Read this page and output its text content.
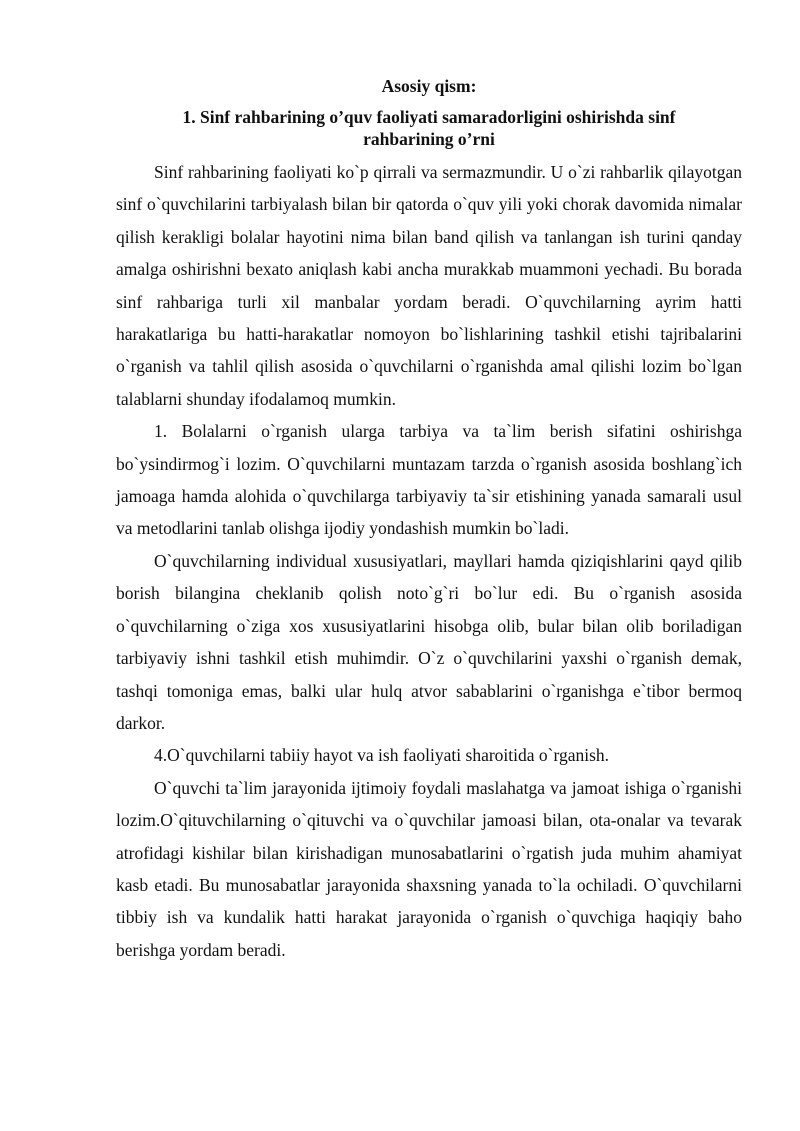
Asosiy qism:

1. Sinf rahbarining o’quv faoliyati samaradorligini oshirishda sinf rahbarining o’rni

Sinf rahbarining faoliyati ko`p qirrali va sermazmundir. U o`zi rahbarlik qilayotgan sinf o`quvchilarini tarbiyalash bilan bir qatorda o`quv yili yoki chorak davomida nimalar qilish kerakligi bolalar hayotini nima bilan band qilish va tanlangan ish turini qanday amalga oshirishni bexato aniqlash kabi ancha murakkab muammoni yechadi. Bu borada sinf rahbariga turli xil manbalar yordam beradi. O`quvchilarning ayrim hatti harakatlariga bu hatti-harakatlar nomoyon bo`lishlarining tashkil etishi tajribalarini o`rganish va tahlil qilish asosida o`quvchilarni o`rganishda amal qilishi lozim bo`lgan talablarni shunday ifodalamoq mumkin.

1. Bolalarni o`rganish ularga tarbiya va ta`lim berish sifatini oshirishga bo`ysindirmog`i lozim. O`quvchilarni muntazam tarzda o`rganish asosida boshlang`ich jamoaga hamda alohida o`quvchilarga tarbiyaviy ta`sir etishining yanada samarali usul va metodlarini tanlab olishga ijodiy yondashish mumkin bo`ladi.

O`quvchilarning individual xususiyatlari, mayllari hamda qiziqishlarini qayd qilib borish bilangina cheklanib qolish noto`g`ri bo`lur edi. Bu o`rganish asosida o`quvchilarning o`ziga xos xususiyatlarini hisobga olib, bular bilan olib boriladigan tarbiyaviy ishni tashkil etish muhimdir. O`z o`quvchilarini yaxshi o`rganish demak, tashqi tomoniga emas, balki ular hulq atvor sabablarini o`rganishga e`tibor bermoq darkor.

4.O`quvchilarni tabiiy hayot va ish faoliyati sharoitida o`rganish.

O`quvchi ta`lim jarayonida ijtimoiy foydali maslahatga va jamoat ishiga o`rganishi lozim.O`qituvchilarning o`qituvchi va o`quvchilar jamoasi bilan, ota-onalar va tevarak atrofidagi kishilar bilan kirishadigan munosabatlarini o`rgatish juda muhim ahamiyat kasb etadi. Bu munosabatlar jarayonida shaxsning yanada to`la ochiladi. O`quvchilarni tibbiy ish va kundalik hatti harakat jarayonida o`rganish o`quvchiga haqiqiy baho berishga yordam beradi.
